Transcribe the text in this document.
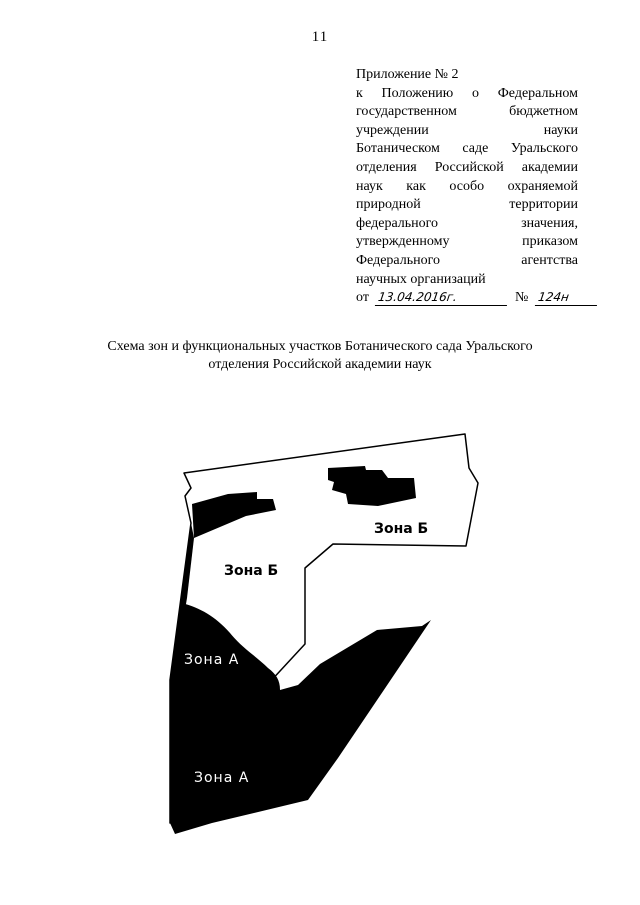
11
Приложение № 2
к Положению о Федеральном
государственном	бюджетном
учреждении	науки
Ботаническом саде Уральского
отделения Российской академии
наук как особо охраняемой
природной	территории
федерального	значения,
утвержденному	приказом
Федерального	агентства
научных организаций
от 13.04.2016г.	№ 124н
Схема зон и функциональных участков Ботанического сада Уральского
отделения Российской академии наук
Зона Б
Зона Б
Зона А
Зона А
